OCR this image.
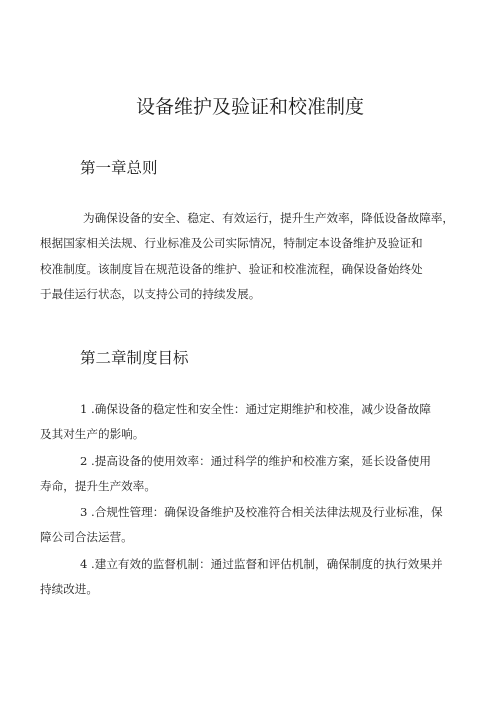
设备维护及验证和校准制度
第一章总则

为确保设备的安全、稳定、有效运行，提升生产效率，降低设备故障率，
根据国家相关法规、行业标准及公司实际情况，特制定本设备维护及验证和
校准制度。该制度旨在规范设备的维护、验证和校准流程，确保设备始终处
于最佳运行状态，以支持公司的持续发展。

第二章制度目标
1 .确保设备的稳定性和安全性：通过定期维护和校准，减少设备故障
及其对生产的影响。
2 .提高设备的使用效率：通过科学的维护和校准方案，延长设备使用
寿命，提升生产效率。
3 .合规性管理：确保设备维护及校准符合相关法律法规及行业标准，保
障公司合法运营。
4 .建立有效的监督机制：通过监督和评估机制，确保制度的执行效果并
持续改进。
